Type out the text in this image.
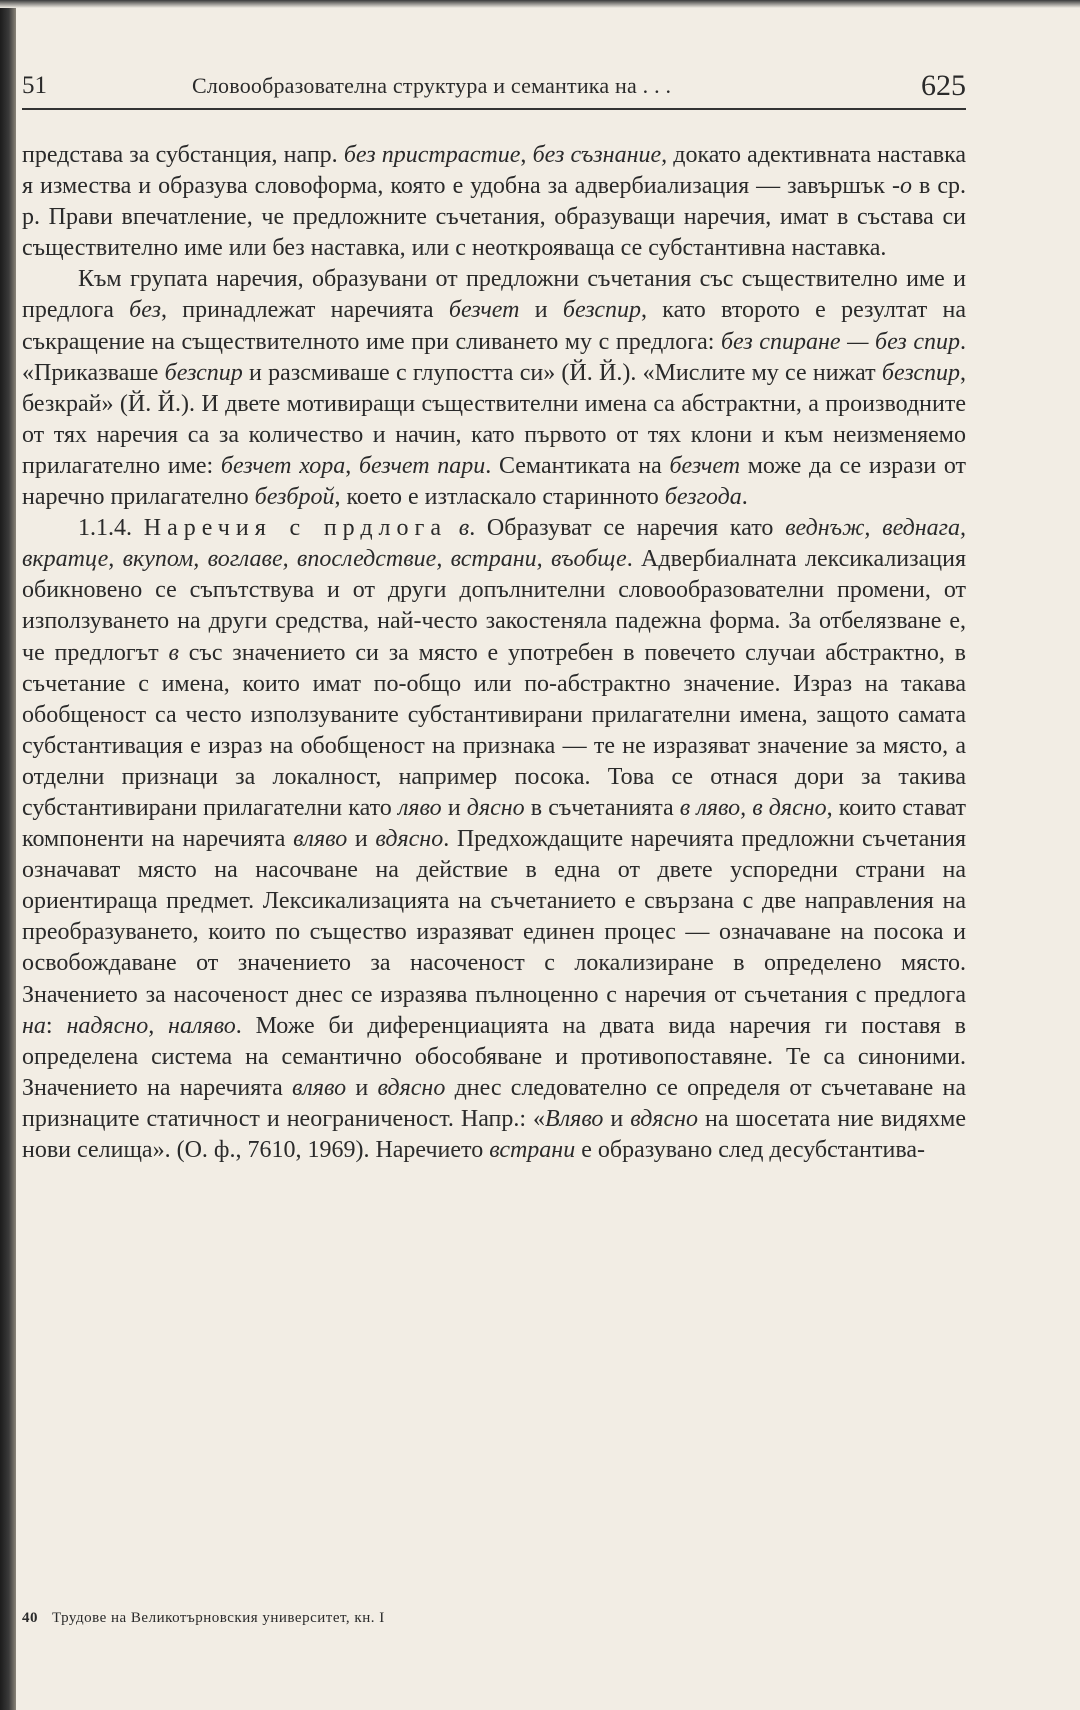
51	Словообразователна структура и семантика на . . .	625

представа за субстанция, напр. без пристрастие, без съзнание, докато адективната наставка я измества и образува словоформа, която е удобна за адвербиализация — завършък -о в ср. р. Прави впечатление, че предложните съчетания, образуващи наречия, имат в състава си съществително име или без наставка, или с неоткрояваща се субстантивна наставка.

Към групата наречия, образувани от предложни съчетания със съществително име и предлога без, принадлежат наречията безчет и безспир, като второто е резултат на съкращение на съществителното име при сливането му с предлога: без спиране — без спир. «Приказваше безспир и разсмиваше с глупостта си» (Й. Й.). «Мислите му се нижат безспир, безкрай» (Й. Й.). И двете мотивиращи съществителни имена са абстрактни, а производните от тях наречия са за количество и начин, като първото от тях клони и към неизменяемо прилагателно име: безчет хора, безчет пари. Семантиката на безчет може да се изрази от наречно прилагателно безброй, което е изтласкало старинното безгода.

1.1.4. Наречия с прдлога в. Образуват се наречия като веднъж, веднага, вкратце, вкупом, воглаве, впоследствие, встрани, въобще. Адвербиалната лексикализация обикновено се съпътствува и от други допълнителни словообразователни промени, от използуването на други средства, най-често закостеняла падежна форма. За отбелязване е, че предлогът в със значението си за място е употребен в повечето случаи абстрактно, в съчетание с имена, които имат по-общо или по-абстрактно значение. Израз на такава обобщеност са често използуваните субстантивирани прилагателни имена, защото самата субстантивация е израз на обобщеност на признака — те не изразяват значение за място, а отделни признаци за локалност, например посока. Това се отнася дори за такива субстантивирани прилагателни като ляво и дясно в съчетанията в ляво, в дясно, които стават компоненти на наречията вляво и вдясно. Предхождащите наречията предложни съчетания означават място на насочване на действие в една от двете успоредни страни на ориентираща предмет. Лексикализацията на съчетанието е свързана с две направления на преобразуването, които по същество изразяват единен процес — означаване на посока и освобождаване от значението за насоченост с локализиране в определено място. Значението за насоченост днес се изразява пълноценно с наречия от съчетания с предлога на: надясно, наляво. Може би диференциацията на двата вида наречия ги поставя в определена система на семантично обособяване и противопоставяне. Те са синоними. Значението на наречията вляво и вдясно днес следователно се определя от съчетаване на признаците статичност и неограниченост. Напр.: «Вляво и вдясно на шосетата ние видяхме нови селища». (О. ф., 7610, 1969). Наречието встрани е образувано след десубстантива-

40 Трудове на Великотърновския университет, кн. I
